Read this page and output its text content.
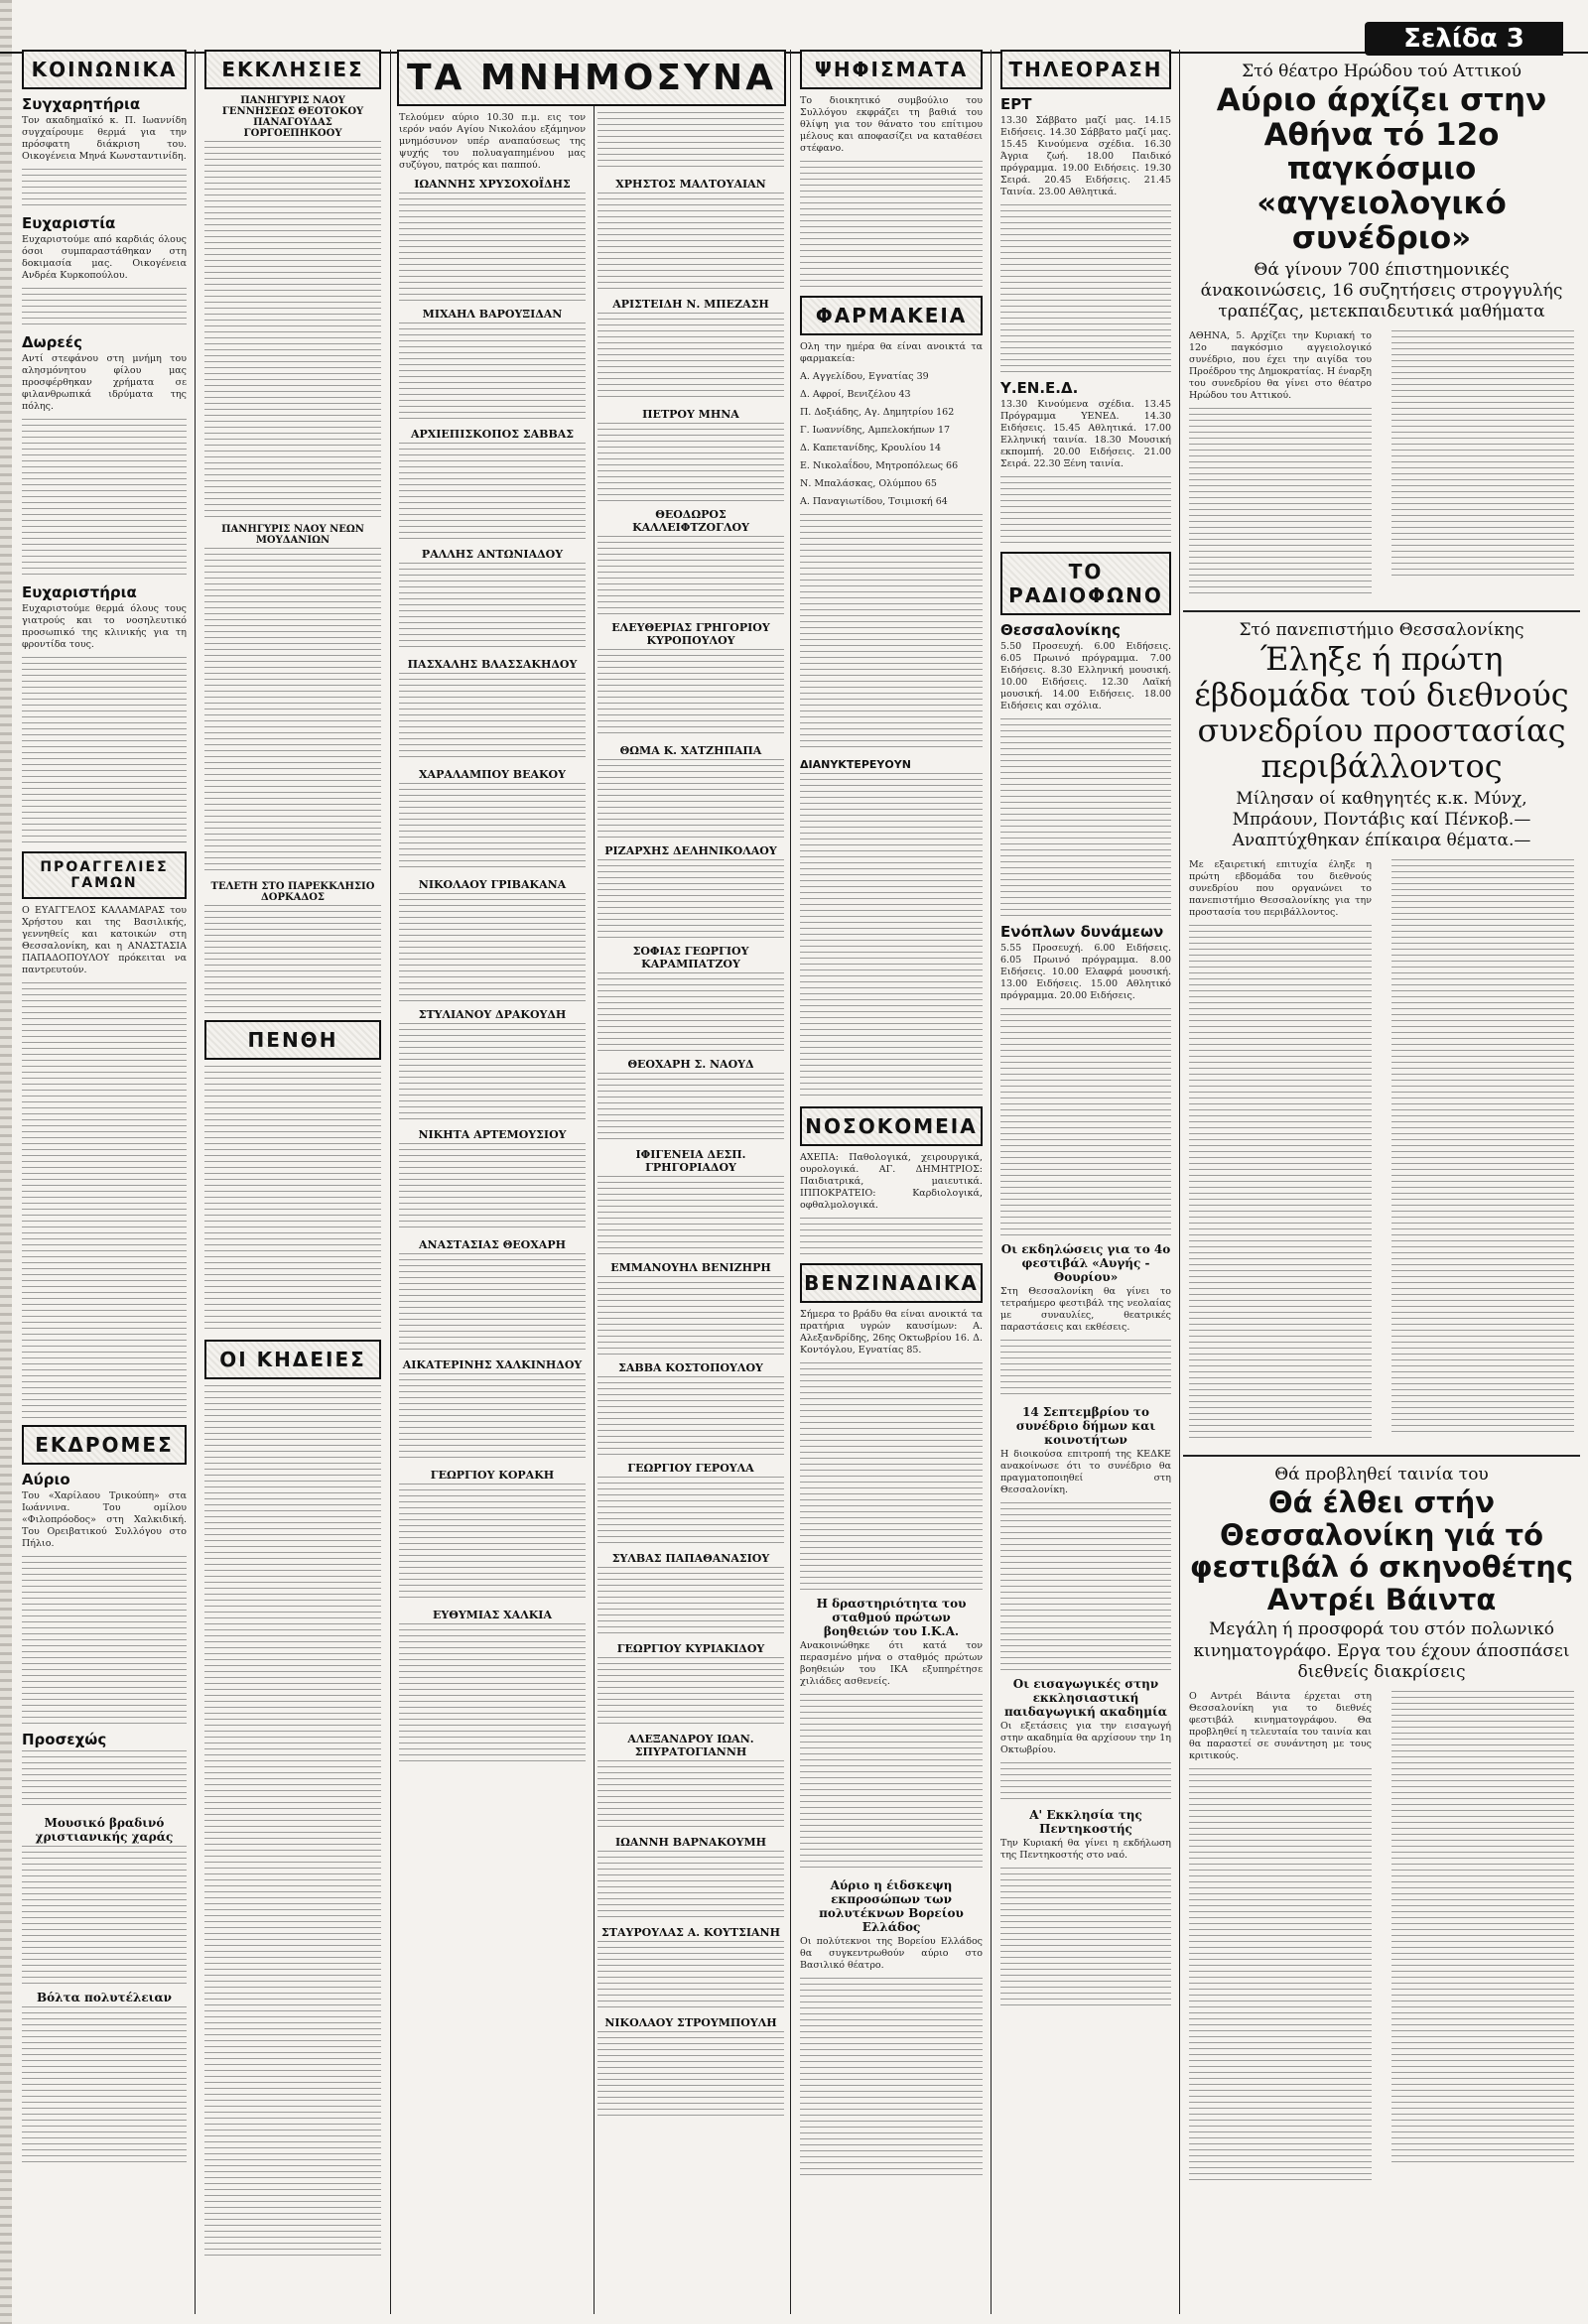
Σελίδα 3
ΚΟΙΝΩΝΙΚΑ
Συγχαρητήρια
Τον ακαδημαϊκό κ. Π. Ιωαννίδη συγχαίρουμε θερμά για την πρόσφατη διάκριση του. Οικογένεια Μηνά Κωνσταντινίδη.
Ευχαριστία
Ευχαριστούμε από καρδιάς όλους όσοι συμπαραστάθηκαν στη δοκιμασία μας. Οικογένεια Ανδρέα Κυρκοπούλου.
Δωρεές
Αντί στεφάνου στη μνήμη του αλησμόνητου φίλου μας προσφέρθηκαν χρήματα σε φιλανθρωπικά ιδρύματα της πόλης.
Ευχαριστήρια
Ευχαριστούμε θερμά όλους τους γιατρούς και το νοσηλευτικό προσωπικό της κλινικής για τη φροντίδα τους.
ΠΡΟΑΓΓΕΛΙΕΣ ΓΑΜΩΝ
Ο ΕΥΑΓΓΕΛΟΣ ΚΑΛΑΜΑΡΑΣ του Χρήστου και της Βασιλικής, γεννηθείς και κατοικών στη Θεσσαλονίκη, και η ΑΝΑΣΤΑΣΙΑ ΠΑΠΑΔΟΠΟΥΛΟΥ πρόκειται να παντρευτούν.
ΕΚΔΡΟΜΕΣ
Αύριο
Του «Χαρίλαου Τρικούπη» στα Ιωάννινα. Του ομίλου «Φιλοπρόοδος» στη Χαλκιδική. Του Ορειβατικού Συλλόγου στο Πήλιο.
Προσεχώς
Μουσικό βραδινό χριστιανικής χαράς
Βόλτα πολυτέλειαν
ΕΚΚΛΗΣΙΕΣ
ΠΑΝΗΓΥΡΙΣ ΝΑΟΥ ΓΕΝΝΗΣΕΩΣ ΘΕΟΤΟΚΟΥ ΠΑΝΑΓΟΥΔΑΣ ΓΟΡΓΟΕΠΗΚΟΟΥ
ΠΑΝΗΓΥΡΙΣ ΝΑΟΥ ΝΕΩΝ ΜΟΥΔΑΝΙΩΝ
ΤΕΛΕΤΗ ΣΤΟ ΠΑΡΕΚΚΛΗΣΙΟ ΔΟΡΚΑΔΟΣ
ΠΕΝΘΗ
ΟΙ ΚΗΔΕΙΕΣ
ΤΑ ΜΝΗΜΟΣΥΝΑ
Τελούμεν αύριο 10.30 π.μ. εις τον ιερόν ναόν Αγίου Νικολάου εξάμηνον μνημόσυνον υπέρ αναπαύσεως της ψυχής του πολυαγαπημένου μας συζύγου, πατρός και παππού.
ΙΩΑΝΝΗΣ ΧΡΥΣΟΧΟΪΔΗΣ
ΜΙΧΑΗΛ ΒΑΡΟΥΞΙΔΑΝ
ΑΡΧΙΕΠΙΣΚΟΠΟΣ ΣΑΒΒΑΣ
ΡΑΛΛΗΣ ΑΝΤΩΝΙΑΔΟΥ
ΠΑΣΧΑΛΗΣ ΒΛΑΣΣΑΚΗΔΟΥ
ΧΑΡΑΛΑΜΠΟΥ ΒΕΑΚΟΥ
ΝΙΚΟΛΑΟΥ ΓΡΙΒΑΚΑΝΑ
ΣΤΥΛΙΑΝΟΥ ΔΡΑΚΟΥΔΗ
ΝΙΚΗΤΑ ΑΡΤΕΜΟΥΣΙΟΥ
ΑΝΑΣΤΑΣΙΑΣ ΘΕΟΧΑΡΗ
ΑΙΚΑΤΕΡΙΝΗΣ ΧΑΛΚΙΝΗΔΟΥ
ΓΕΩΡΓΙΟΥ ΚΟΡΑΚΗ
ΕΥΘΥΜΙΑΣ ΧΑΛΚΙΑ
ΧΡΗΣΤΟΣ ΜΑΛΤΟΥΑΙΑΝ
ΑΡΙΣΤΕΙΔΗ Ν. ΜΠΕΖΑΣΗ
ΠΕΤΡΟΥ ΜΗΝΑ
ΘΕΟΔΩΡΟΣ ΚΑΛΛΕΙΦΤΖΟΓΛΟΥ
ΕΛΕΥΘΕΡΙΑΣ ΓΡΗΓΟΡΙΟΥ ΚΥΡΟΠΟΥΛΟΥ
ΘΩΜΑ Κ. ΧΑΤΖΗΠΑΠΑ
ΡΙΖΑΡΧΗΣ ΔΕΛΗΝΙΚΟΛΑΟΥ
ΣΟΦΙΑΣ ΓΕΩΡΓΙΟΥ ΚΑΡΑΜΠΑΤΖΟΥ
ΘΕΟΧΑΡΗ Σ. ΝΑΟΥΔ
ΙΦΙΓΕΝΕΙΑ ΔΕΣΠ. ΓΡΗΓΟΡΙΑΔΟΥ
ΕΜΜΑΝΟΥΗΛ ΒΕΝΙΖΗΡΗ
ΣΑΒΒΑ ΚΟΣΤΟΠΟΥΛΟΥ
ΓΕΩΡΓΙΟΥ ΓΕΡΟΥΛΑ
ΣΥΛΒΑΣ ΠΑΠΑΘΑΝΑΣΙΟΥ
ΓΕΩΡΓΙΟΥ ΚΥΡΙΑΚΙΔΟΥ
ΑΛΕΞΑΝΔΡΟΥ ΙΩΑΝ. ΣΠΥΡΑΤΟΓΙΑΝΝΗ
ΙΩΑΝΝΗ ΒΑΡΝΑΚΟΥΜΗ
ΣΤΑΥΡΟΥΛΑΣ Α. ΚΟΥΤΣΙΑΝΗ
ΝΙΚΟΛΑΟΥ ΣΤΡΟΥΜΠΟΥΛΗ
ΨΗΦΙΣΜΑΤΑ
Το διοικητικό συμβούλιο του Συλλόγου εκφράζει τη βαθιά του θλίψη για τον θάνατο του επίτιμου μέλους και αποφασίζει να καταθέσει στέφανο.
ΦΑΡΜΑΚΕΙΑ
Ολη την ημέρα θα είναι ανοικτά τα φαρμακεία:
Α. Αγγελίδου, Εγνατίας 39
Δ. Αφροί, Βενιζέλου 43
Π. Δοξιάδης, Αγ. Δημητρίου 162
Γ. Ιωαννίδης, Αμπελοκήπων 17
Δ. Καπετανίδης, Κρουλίου 14
Ε. Νικολαΐδου, Μητροπόλεως 66
Ν. Μπαλάσκας, Ολύμπου 65
Α. Παναγιωτίδου, Τσιμισκή 64
ΔΙΑΝΥΚΤΕΡΕΥΟΥΝ
ΝΟΣΟΚΟΜΕΙΑ
ΑΧΕΠΑ: Παθολογικά, χειρουργικά, ουρολογικά. ΑΓ. ΔΗΜΗΤΡΙΟΣ: Παιδιατρικά, μαιευτικά. ΙΠΠΟΚΡΑΤΕΙΟ: Καρδιολογικά, οφθαλμολογικά.
ΒΕΝΖΙΝΑΔΙΚΑ
Σήμερα το βράδυ θα είναι ανοικτά τα πρατήρια υγρών καυσίμων: Α. Αλεξανδρίδης, 26ης Οκτωβρίου 16. Δ. Κοντόγλου, Εγνατίας 85.
Η δραστηριότητα του σταθμού πρώτων βοηθειών του Ι.Κ.Α.
Ανακοινώθηκε ότι κατά τον περασμένο μήνα ο σταθμός πρώτων βοηθειών του ΙΚΑ εξυπηρέτησε χιλιάδες ασθενείς.
Αύριο η έιδσκεψη εκπροσώπων των πολυτέκνων Βορείου Ελλάδος
Οι πολύτεκνοι της Βορείου Ελλάδος θα συγκεντρωθούν αύριο στο Βασιλικό θέατρο.
ΤΗΛΕΟΡΑΣΗ
ΕΡΤ
13.30 Σάββατο μαζί μας. 14.15 Ειδήσεις. 14.30 Σάββατο μαζί μας. 15.45 Κινούμενα σχέδια. 16.30 Άγρια ζωή. 18.00 Παιδικό πρόγραμμα. 19.00 Ειδήσεις. 19.30 Σειρά. 20.45 Ειδήσεις. 21.45 Ταινία. 23.00 Αθλητικά.
Υ.ΕΝ.Ε.Δ.
13.30 Κινούμενα σχέδια. 13.45 Πρόγραμμα ΥΕΝΕΔ. 14.30 Ειδήσεις. 15.45 Αθλητικά. 17.00 Ελληνική ταινία. 18.30 Μουσική εκπομπή. 20.00 Ειδήσεις. 21.00 Σειρά. 22.30 Ξένη ταινία.
ΤΟ ΡΑΔΙΟΦΩΝΟ
Θεσσαλονίκης
5.50 Προσευχή. 6.00 Ειδήσεις. 6.05 Πρωινό πρόγραμμα. 7.00 Ειδήσεις. 8.30 Ελληνική μουσική. 10.00 Ειδήσεις. 12.30 Λαϊκή μουσική. 14.00 Ειδήσεις. 18.00 Ειδήσεις και σχόλια.
Ενόπλων δυνάμεων
5.55 Προσευχή. 6.00 Ειδήσεις. 6.05 Πρωινό πρόγραμμα. 8.00 Ειδήσεις. 10.00 Ελαφρά μουσική. 13.00 Ειδήσεις. 15.00 Αθλητικό πρόγραμμα. 20.00 Ειδήσεις.
Οι εκδηλώσεις για το 4ο φεστιβάλ «Αυγής - Θουρίου»
Στη Θεσσαλονίκη θα γίνει το τετραήμερο φεστιβάλ της νεολαίας με συναυλίες, θεατρικές παραστάσεις και εκθέσεις.
14 Σεπτεμβρίου το συνέδριο δήμων και κοινοτήτων
Η διοικούσα επιτροπή της ΚΕΔΚΕ ανακοίνωσε ότι το συνέδριο θα πραγματοποιηθεί στη Θεσσαλονίκη.
Οι εισαγωγικές στην εκκλησιαστική παιδαγωγική ακαδημία
Οι εξετάσεις για την εισαγωγή στην ακαδημία θα αρχίσουν την 1η Οκτωβρίου.
Α' Εκκλησία της Πεντηκοστής
Την Κυριακή θα γίνει η εκδήλωση της Πεντηκοστής στο ναό.
Στό θέατρο Ηρώδου τού Αττικού
Αύριο άρχίζει στην Αθήνα τό 12ο παγκόσμιο «αγγειολογικό συνέδριο»
Θά γίνουν 700 έπιστημονικές άνακοινώσεις, 16 συζητήσεις στρογγυλής τραπέζας, μετεκπαιδευτικά μαθήματα
ΑΘΗΝΑ, 5. Αρχίζει την Κυριακή το 12ο παγκόσμιο αγγειολογικό συνέδριο, που έχει την αιγίδα του Προέδρου της Δημοκρατίας. Η έναρξη του συνεδρίου θα γίνει στο θέατρο Ηρώδου του Αττικού.
Στό πανεπιστήμιο Θεσσαλονίκης
Έληξε ή πρώτη έβδομάδα τού διεθνούς συνεδρίου προστασίας περιβάλλοντος
Μίλησαν οί καθηγητές κ.κ. Μύνχ, Μπράουν, Ποντάβις καί Πένκοβ.— Αναπτύχθηκαν έπίκαιρα θέματα.—
Με εξαιρετική επιτυχία έληξε η πρώτη εβδομάδα του διεθνούς συνεδρίου που οργανώνει το πανεπιστήμιο Θεσσαλονίκης για την προστασία του περιβάλλοντος.
Θά προβληθεί ταινία του
Θά έλθει στήν Θεσσαλονίκη γιά τό φεστιβάλ ό σκηνοθέτης Αντρέι Βάιντα
Μεγάλη ή προσφορά του στόν πολωνικό κινηματογράφο. Εργα του έχουν άποσπάσει διεθνείς διακρίσεις
Ο Αντρέι Βάιντα έρχεται στη Θεσσαλονίκη για το διεθνές φεστιβάλ κινηματογράφου. Θα προβληθεί η τελευταία του ταινία και θα παραστεί σε συνάντηση με τους κριτικούς.
